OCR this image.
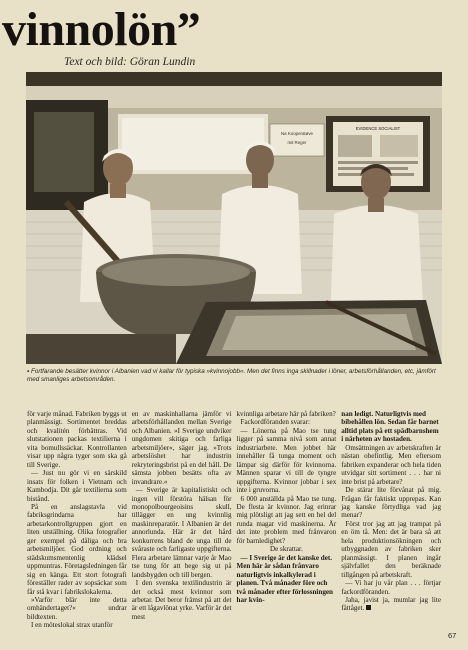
vinnolön”
Text och bild: Göran Lundin
Na Kooperatøve
mit Reger
EVIDENCE SOCIALIST
▪ Fortfarande besätter kvinnor i Albanien vad vi kallar för typiska »kvinnojobb«. Men det finns inga skillnader i löner, arbetsförhållanden, etc, jämfört med smanliges arbetsområden.

för varje månad. Fabriken byggs ut planmässigt. Sortimentet breddas och kvalitén förbättras. Vid slutstationen packas textilierna i vita bomullssäckar. Kontrollanten visar upp några tyger som ska gå till Sverige.

— Just nu gör vi en särskild insats för folken i Vietnam och Kambodja. Dit går textilierna som bistånd.

På en anslagstavla vid fabriksgrindarna har arbetarkontrollgruppen gjort en liten utställning. Olika fotografier ger exempel på dåliga och bra arbetsmiljöer. God ordning och städskumsmentenlig klädsel uppmuntras. Företagsledningen får sig en känga. Ett stort fotografi föreställer rader av sopsäckar som får stå kvar i fabrikslokalerna.

»Varför blär inte detta omhändertaget?« undrar bildtexten.

I en möteslokal strax utanför

en av maskinhallarna jämför vi arbetsförhållanden mellan Sverige och Albanien. »I Sverige undviker ungdomen skitiga och farliga arbetsmiljöer«, säger jag. »Trots arbetslöshet har industrin rekryteringsbrist på en del håll. De sämsta jobben besätts ofta av invandrare.«

— Sverige är kapitalistiskt och ingen vill förstöra hälsan för monopolbourgeoisins skull, tillägger en ung kvinnlig maskinreparatör. I Albanien är det annorlunda. Här är det hård konkurrens bland de unga till de svåraste och farligaste uppgifterna. Flera arbetare lämnar varje år Mao tse tung för att bege sig ut på landsbygden och till bergen.

I den svenska textilindustrin är det också mest kvinnor som arbetar. Det beror främst på att det är ett lågavlönat yrke. Varför är det mest

kvinnliga arbetare här på fabriken?

Fackordföranden svarar:

— Lönerna på Mao tse tung ligger på samma nivå som annat industriarbete. Men jobbet här innehåller få tunga moment och lämpar sig därför för kvinnorna. Männen sparar vi till de tyngre uppgifterna. Kvinnor jobbar i sex inte i gruvorna.

6 000 anställda på Mao tse tung. De flesta är kvinnor. Jag erinrar mig plötsligt att jag sett en hel del runda magar vid maskinerna. Är det inte problem med frånvaron för barnledighet?

De skrattar.

— I Sverige är det kanske det. Men här är sådan frånvaro naturligtvis inkalkylerad i planen. Två månader före och två månader efter förlossningen har kvin-

nan ledigt. Naturligtvis med bibehållen lön. Sedan får barnet alltid plats på ett spädbarnshem i närheten av hostaden.

Omsättningen av arbetskraften är nästan obefintlig. Men eftersom fabriken expanderar och hela tiden utvidgar sitt sortiment . . . har ni inte brist på arbetare?

De stärar lite förvånat på mig. Frågan får faktiskt upprepas. Kan jag kanske förtydliga vad jag menar?

Först tror jag att jag trampat på en öm tå. Men: det är bara så att hela produktionsökningen och utbyggnaden av fabriken sker planmässigt. I planen ingår självfallet den beräknade tillgången på arbetskraft.

— Vi har ju vår plan . . . förtjar fackordföranden.

Jaha, javist ja, mumlar jag lite fåttåget.

67
